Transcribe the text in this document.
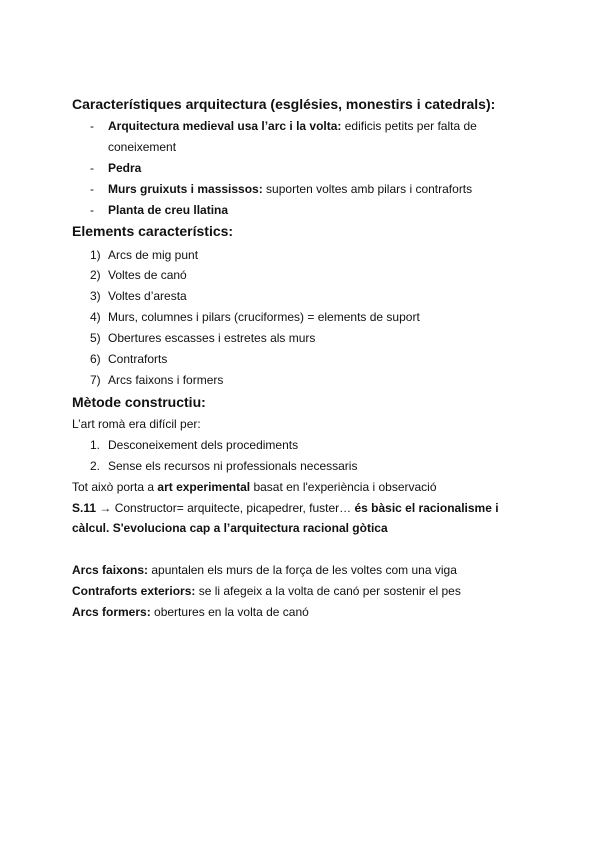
Característiques arquitectura (esglésies, monestirs i catedrals):
- Arquitectura medieval usa l’arc i la volta: edificis petits per falta de
coneixement
- Pedra
- Murs gruixuts i massissos: suporten voltes amb pilars i contraforts
- Planta de creu llatina
Elements característics:
1) Arcs de mig punt
2) Voltes de canó
3) Voltes d’aresta
4) Murs, columnes i pilars (cruciformes) = elements de suport
5) Obertures escasses i estretes als murs
6) Contraforts
7) Arcs faixons i formers
Mètode constructiu:
L’art romà era difícil per:
1. Desconeixement dels procediments
2. Sense els recursos ni professionals necessaris
Tot això porta a art experimental basat en l'experiència i observació
S.11 → Constructor= arquitecte, picapedrer, fuster… és bàsic el racionalisme i
càlcul. S'evoluciona cap a l’arquitectura racional gòtica
Arcs faixons: apuntalen els murs de la força de les voltes com una viga
Contraforts exteriors: se li afegeix a la volta de canó per sostenir el pes
Arcs formers: obertures en la volta de canó
